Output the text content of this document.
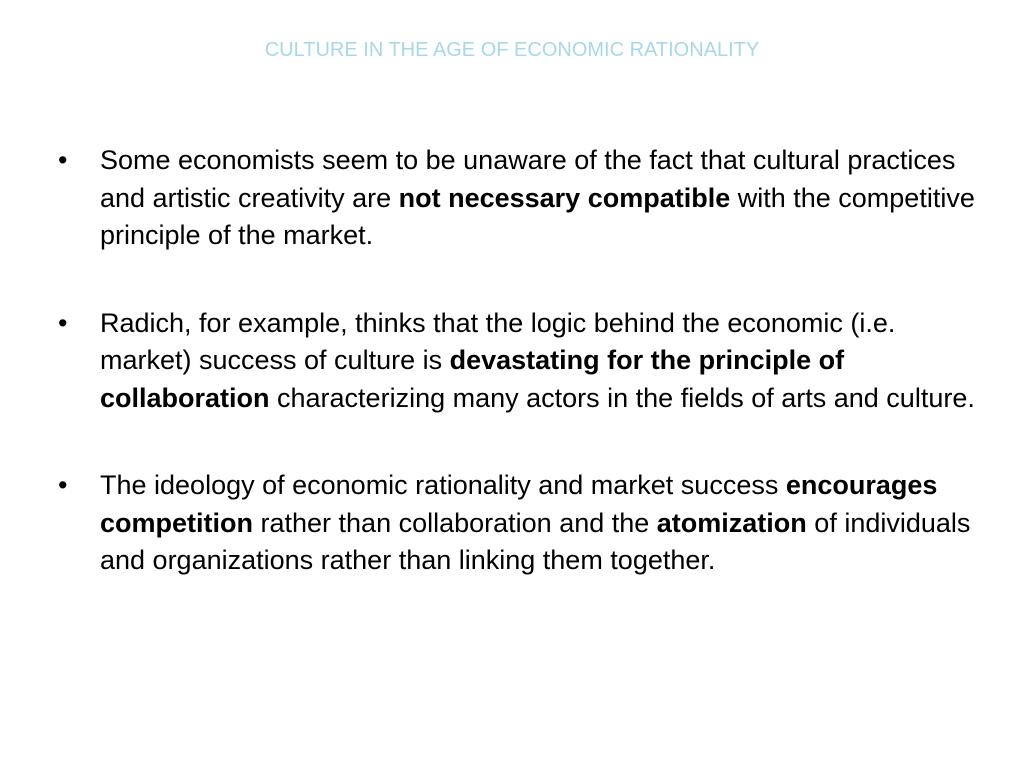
CULTURE IN THE AGE OF ECONOMIC RATIONALITY
•	Some economists seem to be unaware of the fact that cultural practices and artistic creativity are not necessary compatible with the competitive principle of the market.
•	Radich, for example, thinks that the logic behind the economic (i.e. market) success of culture is devastating for the principle of collaboration characterizing many actors in the fields of arts and culture.
•	The ideology of economic rationality and market success encourages competition rather than collaboration and the atomization of individuals and organizations rather than linking them together.
